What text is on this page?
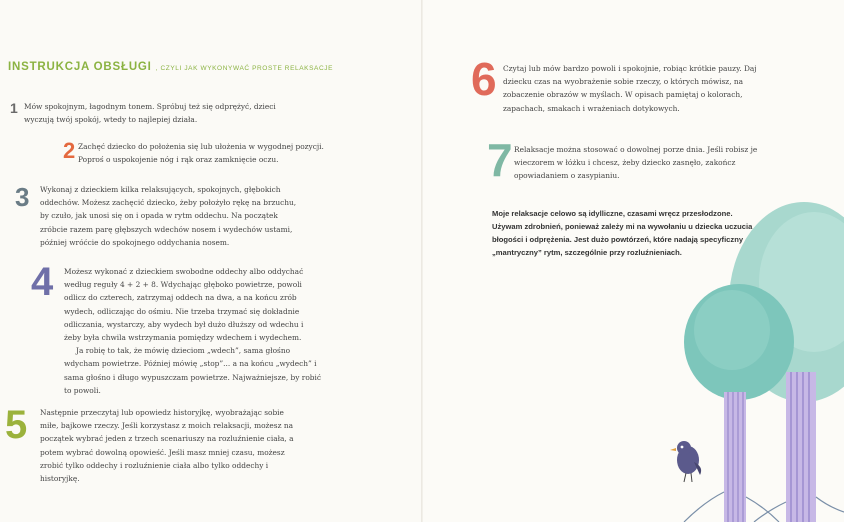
INSTRUKCJA OBSŁUGI , CZYLI JAK WYKONYWAĆ PROSTE RELAKSACJE
1 Mów spokojnym, łagodnym tonem. Spróbuj też się odprężyć, dzieci wyczują twój spokój, wtedy to najlepiej działa.

2 Zachęć dziecko do położenia się lub ułożenia w wygodnej pozycji. Poproś o uspokojenie nóg i rąk oraz zamknięcie oczu.

3 Wykonaj z dzieckiem kilka relaksujących, spokojnych, głębokich oddechów. Możesz zachęcić dziecko, żeby położyło rękę na brzuchu, by czuło, jak unosi się on i opada w rytm oddechu. Na początek zróbcie razem parę głębszych wdechów nosem i wydechów ustami, później wróćcie do spokojnego oddychania nosem.

4 Możesz wykonać z dzieckiem swobodne oddechy albo oddychać według reguły 4 + 2 + 8. Wdychając głęboko powietrze, powoli odlicz do czterech, zatrzymaj oddech na dwa, a na końcu zrób wydech, odliczając do ośmiu. Nie trzeba trzymać się dokładnie odliczania, wystarczy, aby wydech był dużo dłuższy od wdechu i żeby była chwila wstrzymania pomiędzy wdechem i wydechem.

Ja robię to tak, że mówię dzieciom „wdech”, sama głośno wdycham powietrze. Później mówię „stop”... a na końcu „wydech” i sama głośno i długo wypuszczam powietrze. Najważniejsze, by robić to powoli.

5 Następnie przeczytaj lub opowiedz historyjkę, wyobrażając sobie miłe, bajkowe rzeczy. Jeśli korzystasz z moich relaksacji, możesz na początek wybrać jeden z trzech scenariuszy na rozluźnienie ciała, a potem wybrać dowolną opowieść. Jeśli masz mniej czasu, możesz zrobić tylko oddechy i rozluźnienie ciała albo tylko oddechy i historyjkę.

6 Czytaj lub mów bardzo powoli i spokojnie, robiąc krótkie pauzy. Daj dziecku czas na wyobrażenie sobie rzeczy, o których mówisz, na zobaczenie obrazów w myślach. W opisach pamiętaj o kolorach, zapachach, smakach i wrażeniach dotykowych.

7 Relaksacje można stosować o dowolnej porze dnia. Jeśli robisz je wieczorem w łóżku i chcesz, żeby dziecko zasnęło, zakończ opowiadaniem o zasypianiu.

Moje relaksacje celowo są idylliczne, czasami wręcz przesłodzone. Używam zdrobnień, ponieważ zależy mi na wywołaniu u dziecka uczucia błogości i odprężenia. Jest dużo powtórzeń, które nadają specyficzny „mantryczny” rytm, szczególnie przy rozluźnieniach.
